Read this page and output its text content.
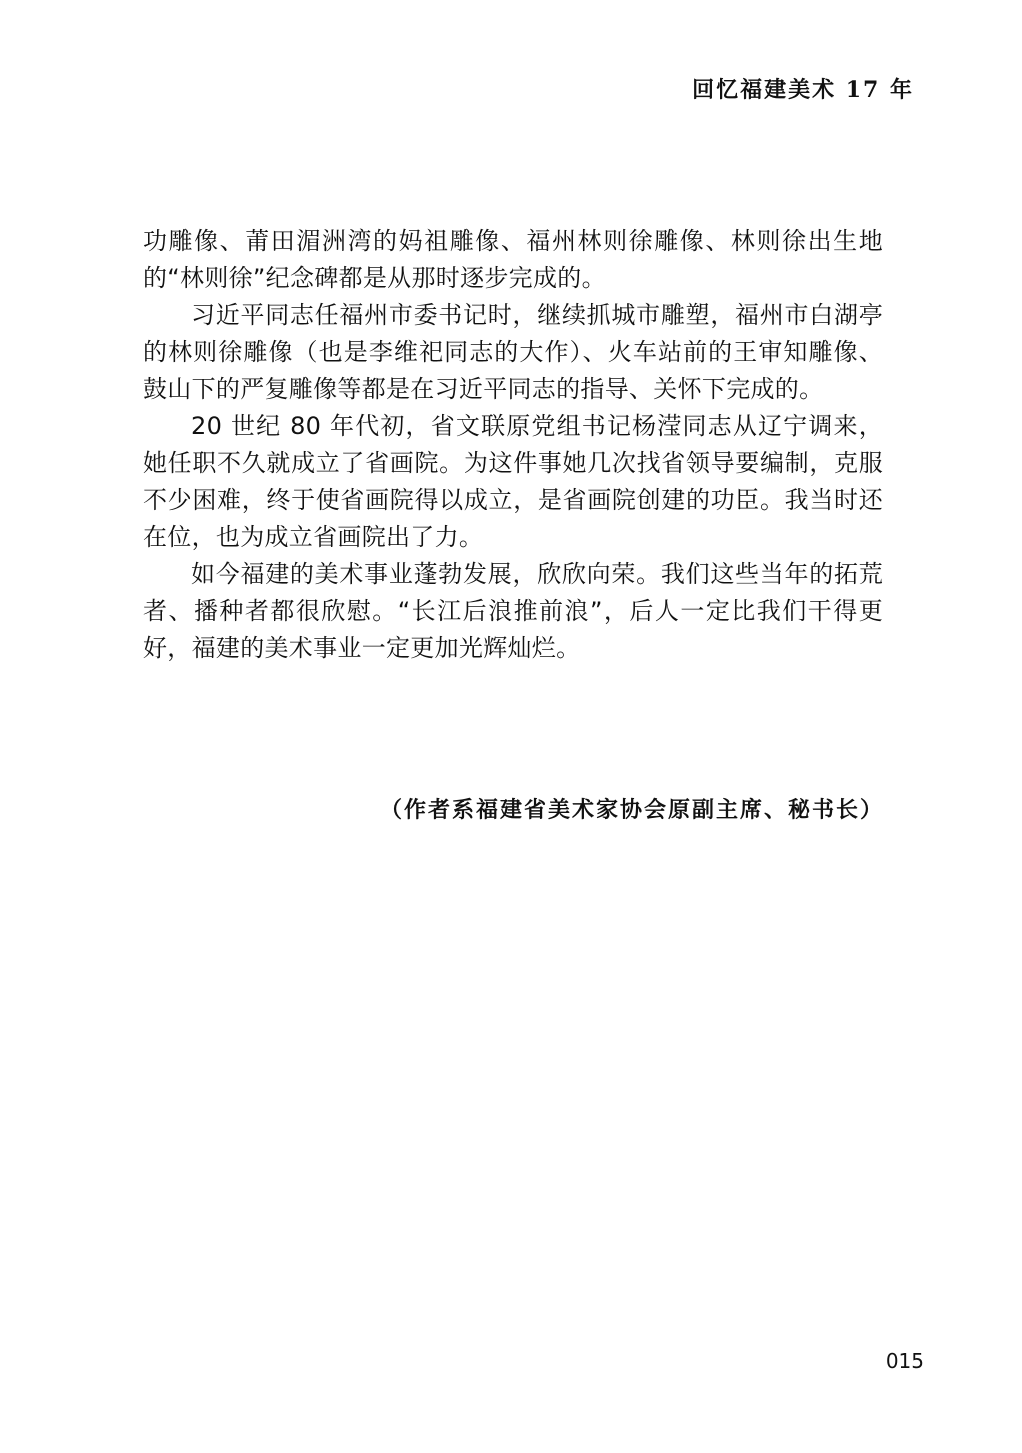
回忆福建美术 17 年

功雕像、莆田湄洲湾的妈祖雕像、福州林则徐雕像、林则徐出生地的“林则徐”纪念碑都是从那时逐步完成的。

习近平同志任福州市委书记时，继续抓城市雕塑，福州市白湖亭的林则徐雕像（也是李维祀同志的大作）、火车站前的王审知雕像、鼓山下的严复雕像等都是在习近平同志的指导、关怀下完成的。

20 世纪 80 年代初，省文联原党组书记杨滢同志从辽宁调来，她任职不久就成立了省画院。为这件事她几次找省领导要编制，克服不少困难，终于使省画院得以成立，是省画院创建的功臣。我当时还在位，也为成立省画院出了力。

如今福建的美术事业蓬勃发展，欣欣向荣。我们这些当年的拓荒者、播种者都很欣慰。“长江后浪推前浪”，后人一定比我们干得更好，福建的美术事业一定更加光辉灿烂。

（作者系福建省美术家协会原副主席、秘书长）
015
